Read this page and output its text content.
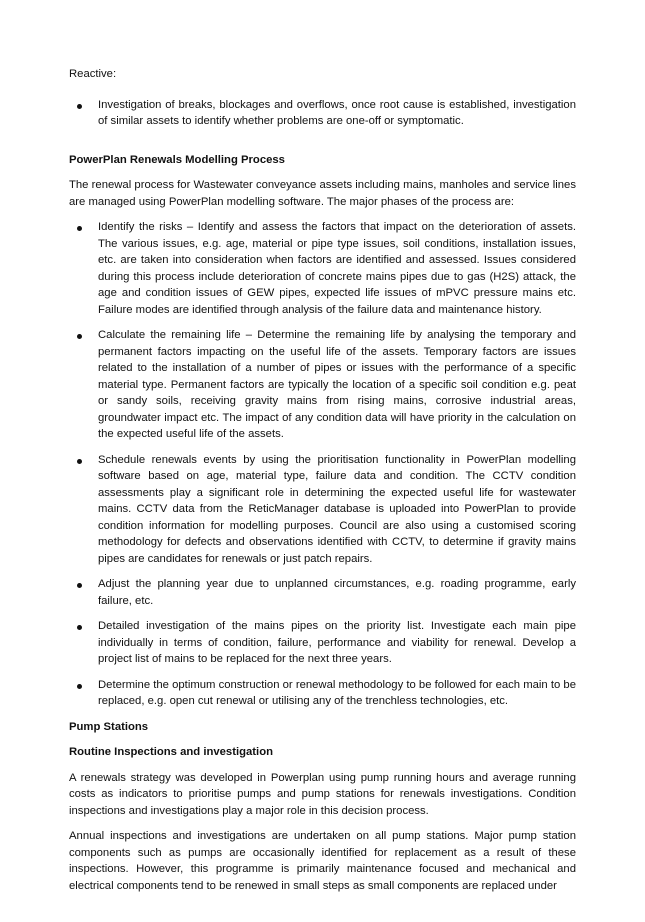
Reactive:

Investigation of breaks, blockages and overflows, once root cause is established, investigation of similar assets to identify whether problems are one-off or symptomatic.

PowerPlan Renewals Modelling Process

The renewal process for Wastewater conveyance assets including mains, manholes and service lines are managed using PowerPlan modelling software. The major phases of the process are:

Identify the risks – Identify and assess the factors that impact on the deterioration of assets. The various issues, e.g. age, material or pipe type issues, soil conditions, installation issues, etc. are taken into consideration when factors are identified and assessed. Issues considered during this process include deterioration of concrete mains pipes due to gas (H2S) attack, the age and condition issues of GEW pipes, expected life issues of mPVC pressure mains etc. Failure modes are identified through analysis of the failure data and maintenance history.
Calculate the remaining life – Determine the remaining life by analysing the temporary and permanent factors impacting on the useful life of the assets. Temporary factors are issues related to the installation of a number of pipes or issues with the performance of a specific material type. Permanent factors are typically the location of a specific soil condition e.g. peat or sandy soils, receiving gravity mains from rising mains, corrosive industrial areas, groundwater impact etc. The impact of any condition data will have priority in the calculation on the expected useful life of the assets.
Schedule renewals events by using the prioritisation functionality in PowerPlan modelling software based on age, material type, failure data and condition. The CCTV condition assessments play a significant role in determining the expected useful life for wastewater mains. CCTV data from the ReticManager database is uploaded into PowerPlan to provide condition information for modelling purposes. Council are also using a customised scoring methodology for defects and observations identified with CCTV, to determine if gravity mains pipes are candidates for renewals or just patch repairs.
Adjust the planning year due to unplanned circumstances, e.g. roading programme, early failure, etc.
Detailed investigation of the mains pipes on the priority list. Investigate each main pipe individually in terms of condition, failure, performance and viability for renewal. Develop a project list of mains to be replaced for the next three years.
Determine the optimum construction or renewal methodology to be followed for each main to be replaced, e.g. open cut renewal or utilising any of the trenchless technologies, etc.

Pump Stations

Routine Inspections and investigation

A renewals strategy was developed in Powerplan using pump running hours and average running costs as indicators to prioritise pumps and pump stations for renewals investigations. Condition inspections and investigations play a major role in this decision process.

Annual inspections and investigations are undertaken on all pump stations. Major pump station components such as pumps are occasionally identified for replacement as a result of these inspections. However, this programme is primarily maintenance focused and mechanical and electrical components tend to be renewed in small steps as small components are replaced under
